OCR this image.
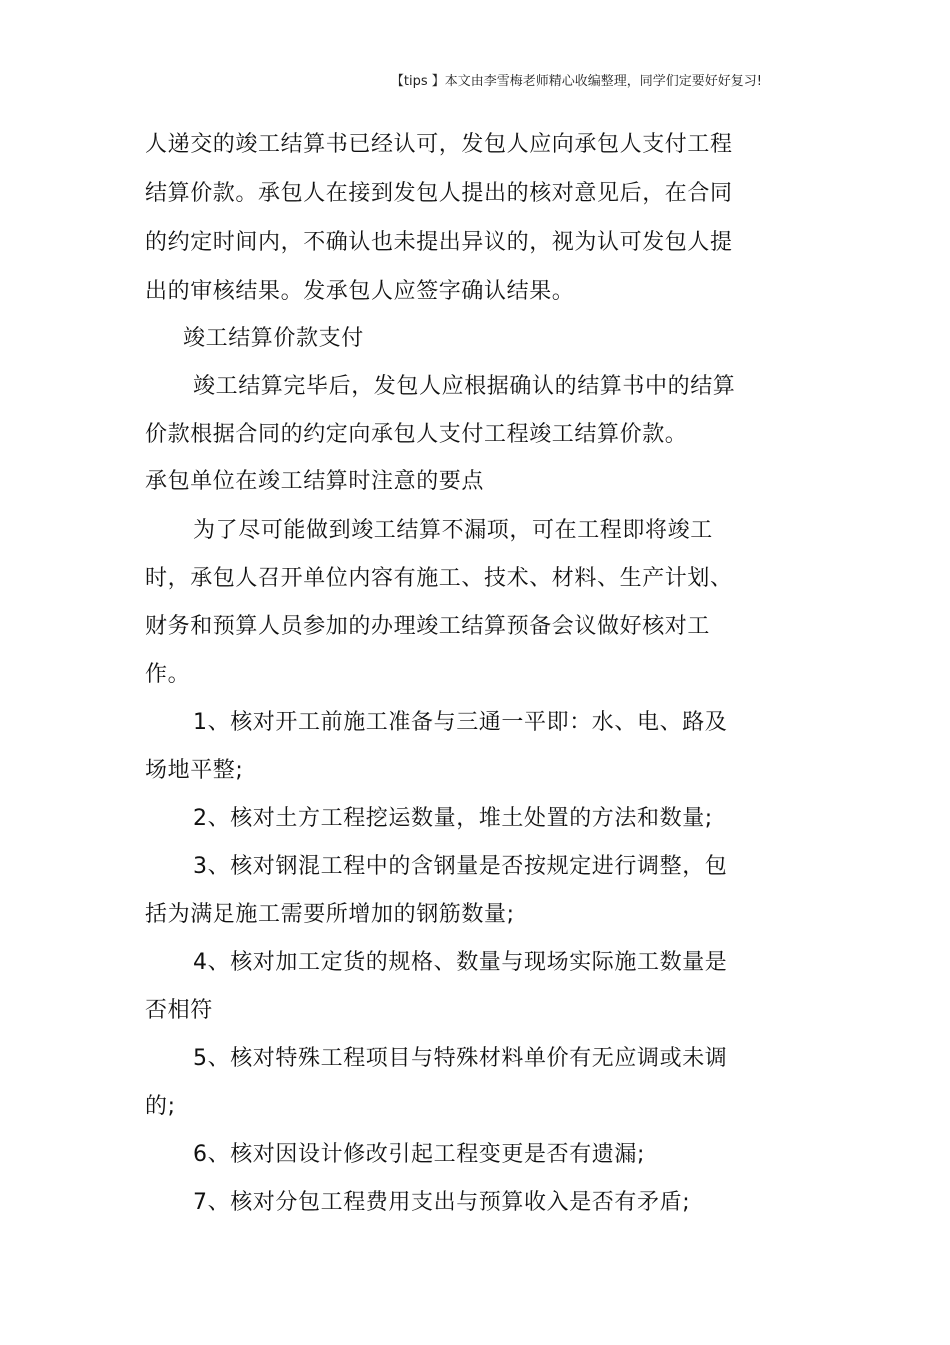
【tips 】本文由李雪梅老师精心收编整理，同学们定要好好复习!
人递交的竣工结算书已经认可，发包人应向承包人支付工程
结算价款。承包人在接到发包人提出的核对意见后，在合同
的约定时间内，不确认也未提出异议的，视为认可发包人提
出的审核结果。发承包人应签字确认结果。
竣工结算价款支付
竣工结算完毕后，发包人应根据确认的结算书中的结算
价款根据合同的约定向承包人支付工程竣工结算价款。
承包单位在竣工结算时注意的要点
为了尽可能做到竣工结算不漏项，可在工程即将竣工
时，承包人召开单位内容有施工、技术、材料、生产计划、
财务和预算人员参加的办理竣工结算预备会议做好核对工
作。
1、核对开工前施工准备与三通一平即：水、电、路及
场地平整;
2、核对土方工程挖运数量，堆土处置的方法和数量;
3、核对钢混工程中的含钢量是否按规定进行调整，包
括为满足施工需要所增加的钢筋数量;
4、核对加工定货的规格、数量与现场实际施工数量是
否相符
5、核对特殊工程项目与特殊材料单价有无应调或未调
的;
6、核对因设计修改引起工程变更是否有遗漏;
7、核对分包工程费用支出与预算收入是否有矛盾;
